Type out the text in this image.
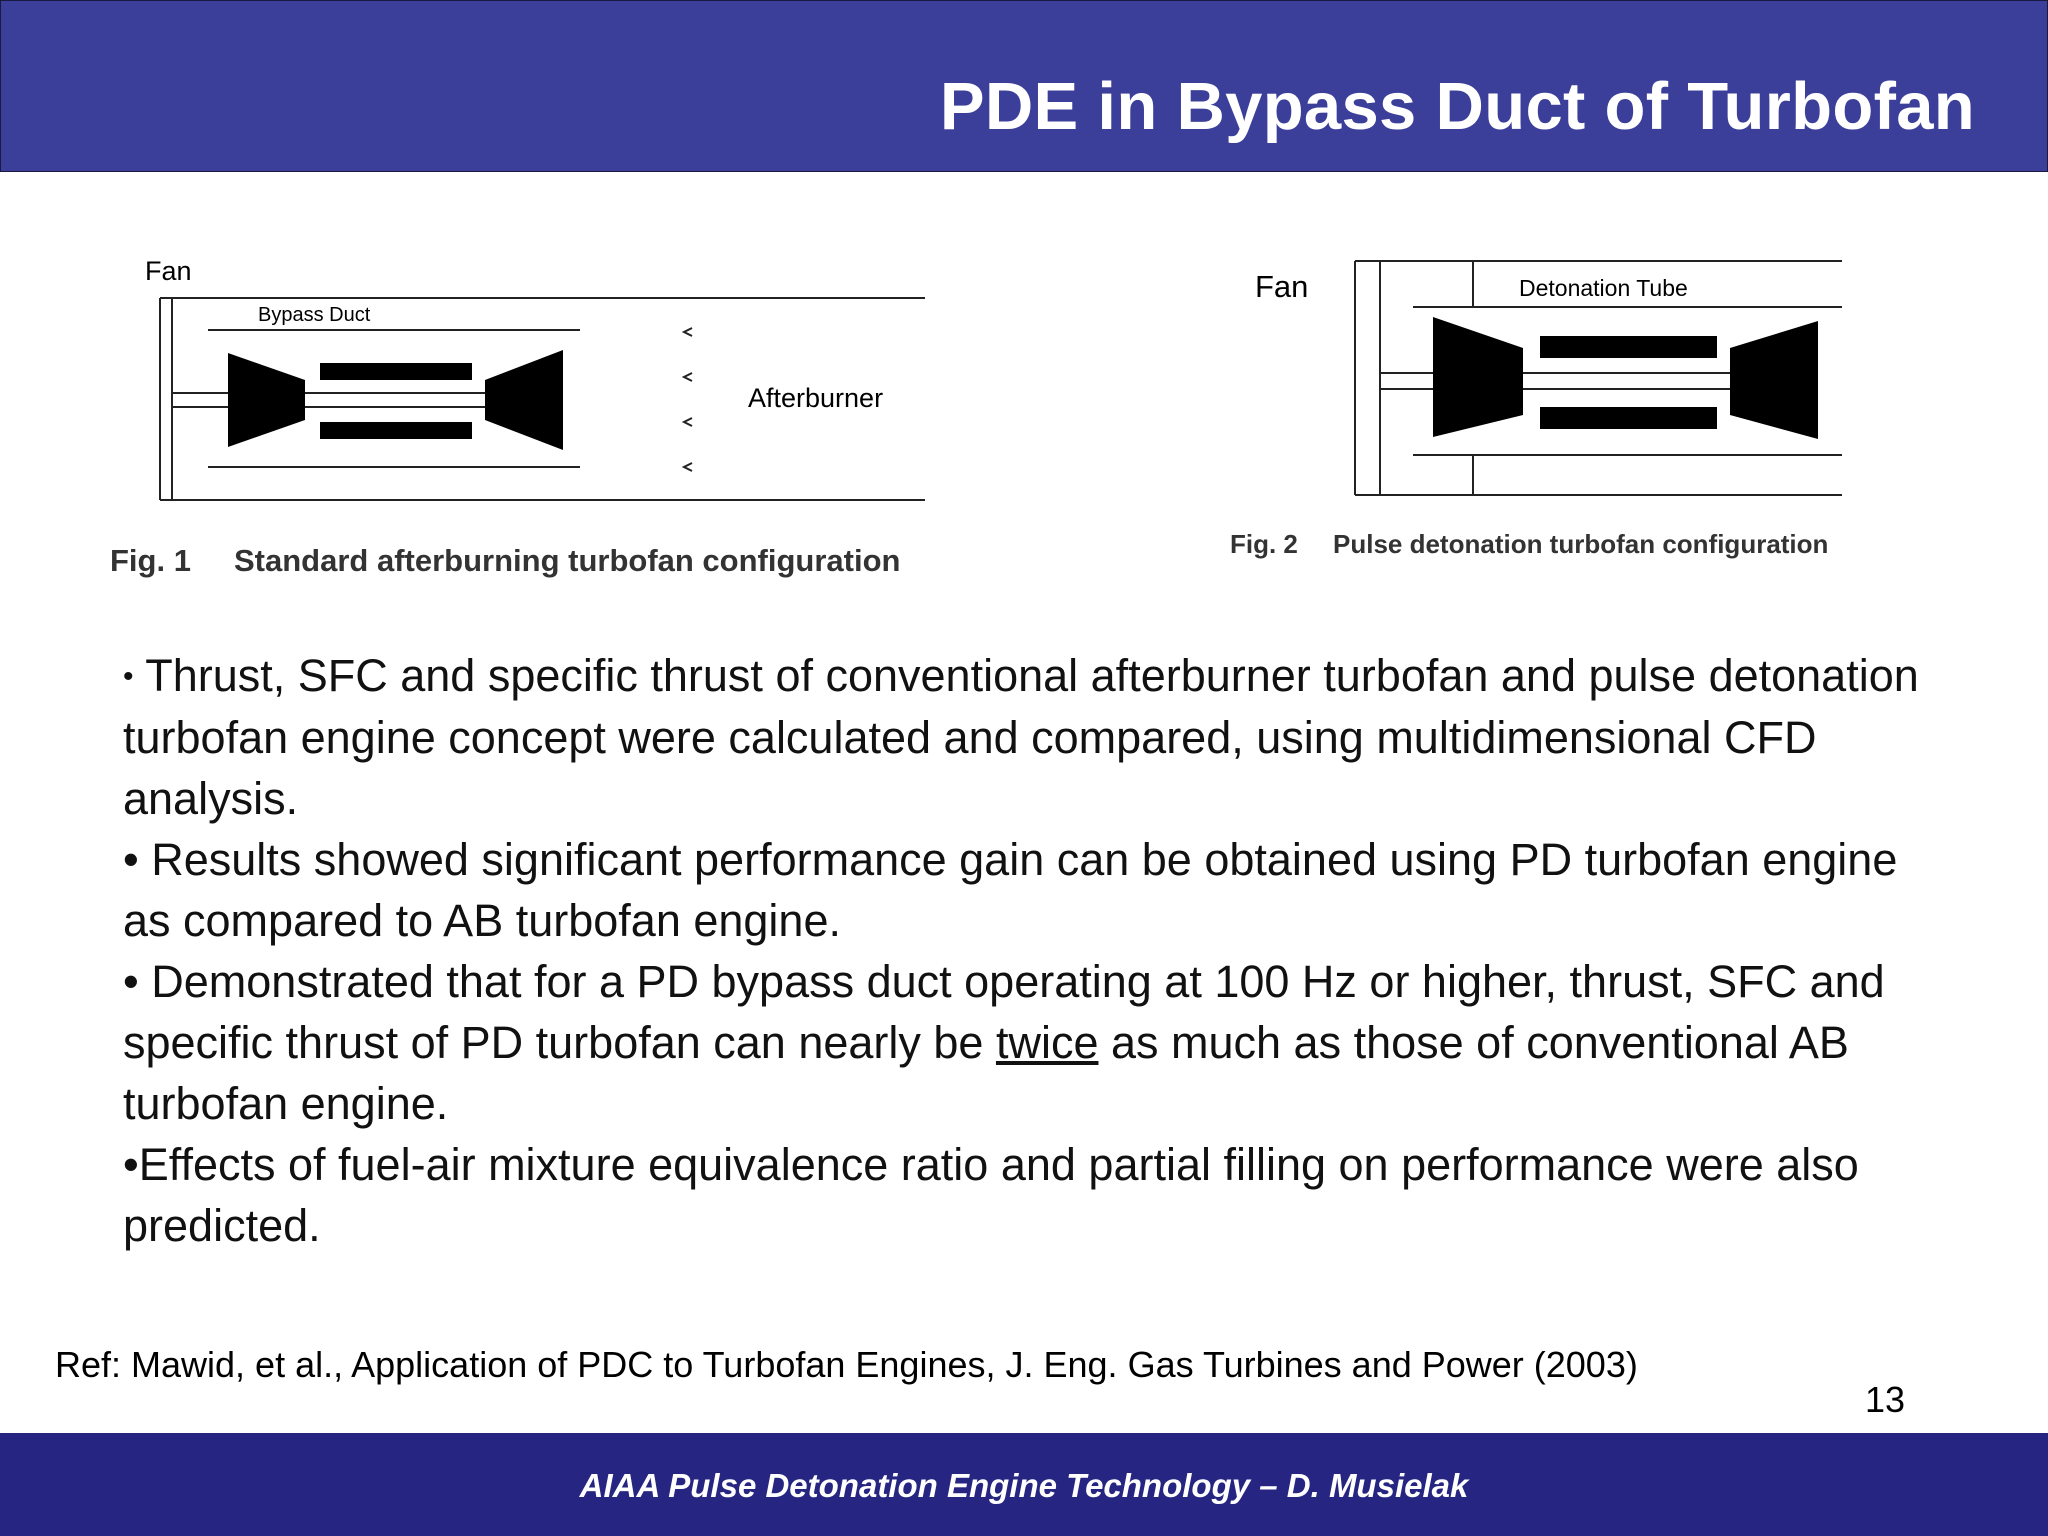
PDE in Bypass Duct of Turbofan
Fan
Bypass Duct
Afterburner
Fig. 1 Standard afterburning turbofan configuration
Fan	Detonation Tube
Fig. 2 Pulse detonation turbofan configuration

• Thrust, SFC and specific thrust of conventional afterburner turbofan and pulse detonation turbofan engine concept were calculated and compared, using multidimensional CFD analysis.

• Results showed significant performance gain can be obtained using PD turbofan engine as compared to AB turbofan engine.

• Demonstrated that for a PD bypass duct operating at 100 Hz or higher, thrust, SFC and specific thrust of PD turbofan can nearly be twice as much as those of conventional AB turbofan engine.

•Effects of fuel-air mixture equivalence ratio and partial filling on performance were also predicted.

Ref: Mawid, et al., Application of PDC to Turbofan Engines, J. Eng. Gas Turbines and Power (2003)

13

AIAA Pulse Detonation Engine Technology – D. Musielak
